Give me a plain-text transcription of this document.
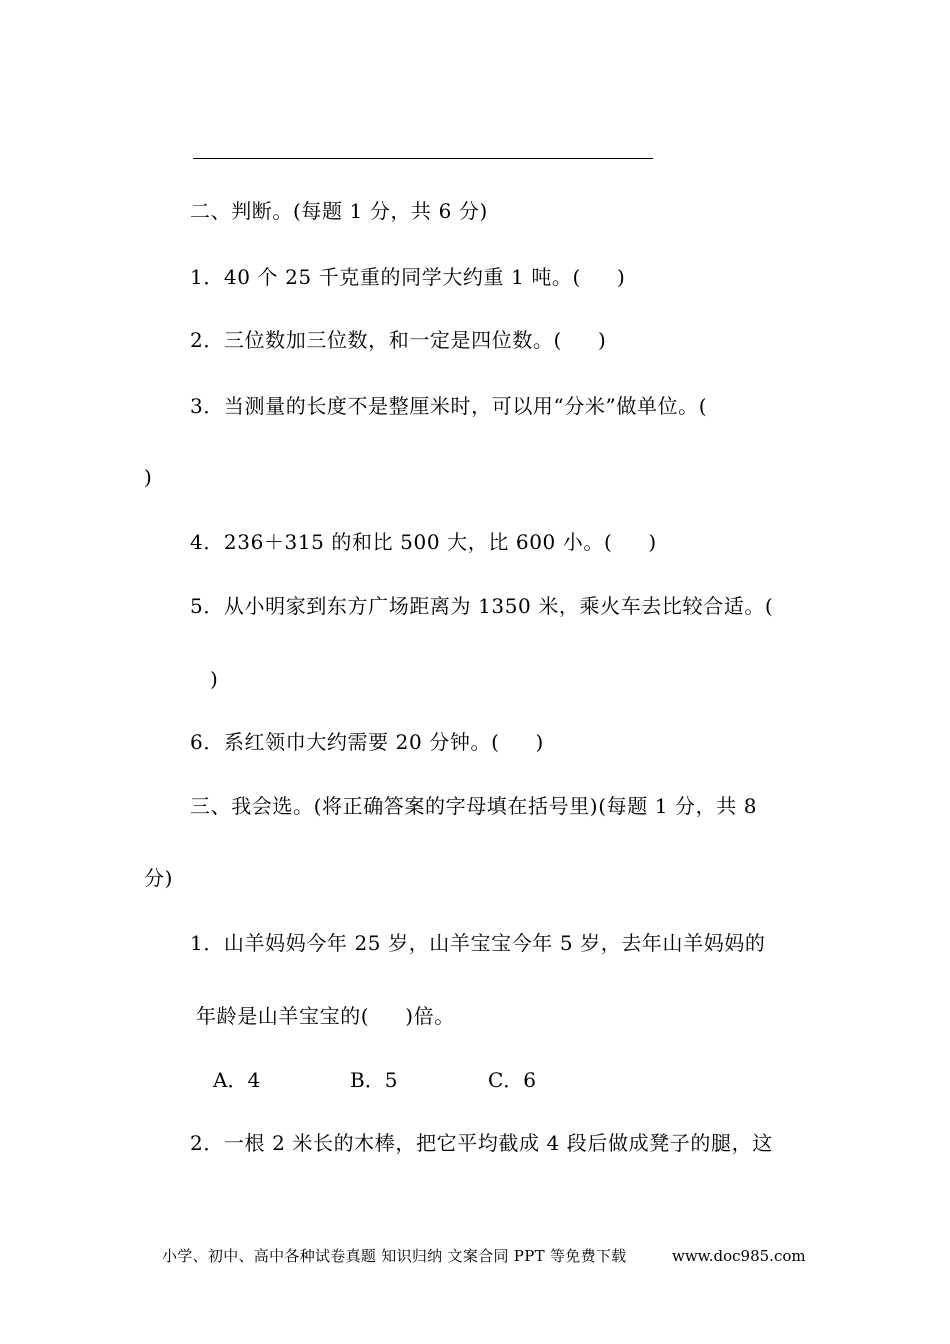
二、判断。(每题 1 分，共 6 分)
1．40 个 25 千克重的同学大约重 1 吨。( )
2．三位数加三位数，和一定是四位数。( )
3．当测量的长度不是整厘米时，可以用“分米”做单位。(
)
4．236＋315 的和比 500 大，比 600 小。( )
5．从小明家到东方广场距离为 1350 米，乘火车去比较合适。(
)
6．系红领巾大约需要 20 分钟。( )
三、我会选。(将正确答案的字母填在括号里)(每题 1 分，共 8
分)
1．山羊妈妈今年 25 岁，山羊宝宝今年 5 岁，去年山羊妈妈的
年龄是山羊宝宝的( )倍。
A．4	B．5	C．6
2．一根 2 米长的木棒，把它平均截成 4 段后做成凳子的腿，这
小学、初中、高中各种试卷真题 知识归纳 文案合同 PPT 等免费下载	www.doc985.com
